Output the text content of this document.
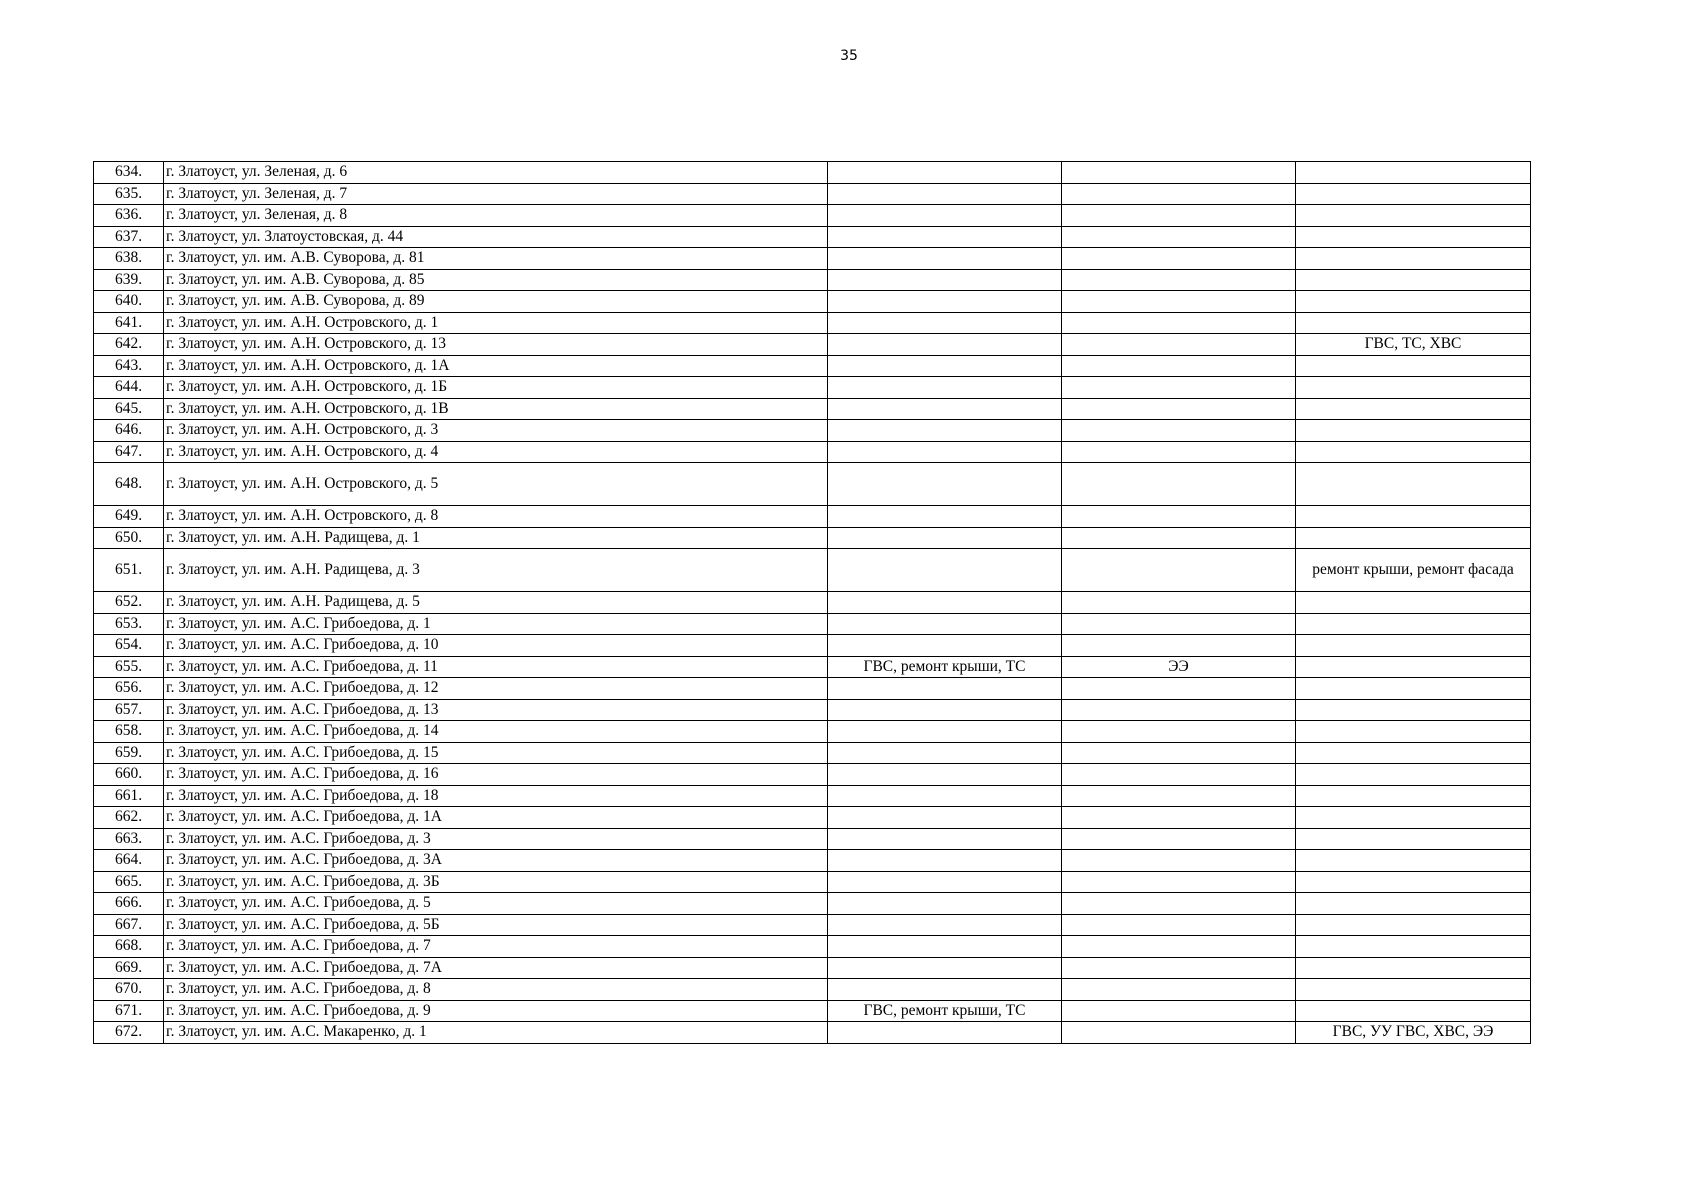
35
634.	г. Златоуст, ул. Зеленая, д. 6			
635.	г. Златоуст, ул. Зеленая, д. 7			
636.	г. Златоуст, ул. Зеленая, д. 8			
637.	г. Златоуст, ул. Златоустовская, д. 44			
638.	г. Златоуст, ул. им. А.В. Суворова, д. 81			
639.	г. Златоуст, ул. им. А.В. Суворова, д. 85			
640.	г. Златоуст, ул. им. А.В. Суворова, д. 89			
641.	г. Златоуст, ул. им. А.Н. Островского, д. 1			
642.	г. Златоуст, ул. им. А.Н. Островского, д. 13			ГВС, ТС, ХВС
643.	г. Златоуст, ул. им. А.Н. Островского, д. 1А			
644.	г. Златоуст, ул. им. А.Н. Островского, д. 1Б			
645.	г. Златоуст, ул. им. А.Н. Островского, д. 1В			
646.	г. Златоуст, ул. им. А.Н. Островского, д. 3			
647.	г. Златоуст, ул. им. А.Н. Островского, д. 4			
648.	г. Златоуст, ул. им. А.Н. Островского, д. 5			
649.	г. Златоуст, ул. им. А.Н. Островского, д. 8			
650.	г. Златоуст, ул. им. А.Н. Радищева, д. 1			
651.	г. Златоуст, ул. им. А.Н. Радищева, д. 3			ремонт крыши, ремонт фасада
652.	г. Златоуст, ул. им. А.Н. Радищева, д. 5			
653.	г. Златоуст, ул. им. А.С. Грибоедова, д. 1			
654.	г. Златоуст, ул. им. А.С. Грибоедова, д. 10			
655.	г. Златоуст, ул. им. А.С. Грибоедова, д. 11	ГВС, ремонт крыши, ТС	ЭЭ	
656.	г. Златоуст, ул. им. А.С. Грибоедова, д. 12			
657.	г. Златоуст, ул. им. А.С. Грибоедова, д. 13			
658.	г. Златоуст, ул. им. А.С. Грибоедова, д. 14			
659.	г. Златоуст, ул. им. А.С. Грибоедова, д. 15			
660.	г. Златоуст, ул. им. А.С. Грибоедова, д. 16			
661.	г. Златоуст, ул. им. А.С. Грибоедова, д. 18			
662.	г. Златоуст, ул. им. А.С. Грибоедова, д. 1А			
663.	г. Златоуст, ул. им. А.С. Грибоедова, д. 3			
664.	г. Златоуст, ул. им. А.С. Грибоедова, д. 3А			
665.	г. Златоуст, ул. им. А.С. Грибоедова, д. 3Б			
666.	г. Златоуст, ул. им. А.С. Грибоедова, д. 5			
667.	г. Златоуст, ул. им. А.С. Грибоедова, д. 5Б			
668.	г. Златоуст, ул. им. А.С. Грибоедова, д. 7			
669.	г. Златоуст, ул. им. А.С. Грибоедова, д. 7А			
670.	г. Златоуст, ул. им. А.С. Грибоедова, д. 8			
671.	г. Златоуст, ул. им. А.С. Грибоедова, д. 9	ГВС, ремонт крыши, ТС		
672.	г. Златоуст, ул. им. А.С. Макаренко, д. 1			ГВС, УУ ГВС, ХВС, ЭЭ
